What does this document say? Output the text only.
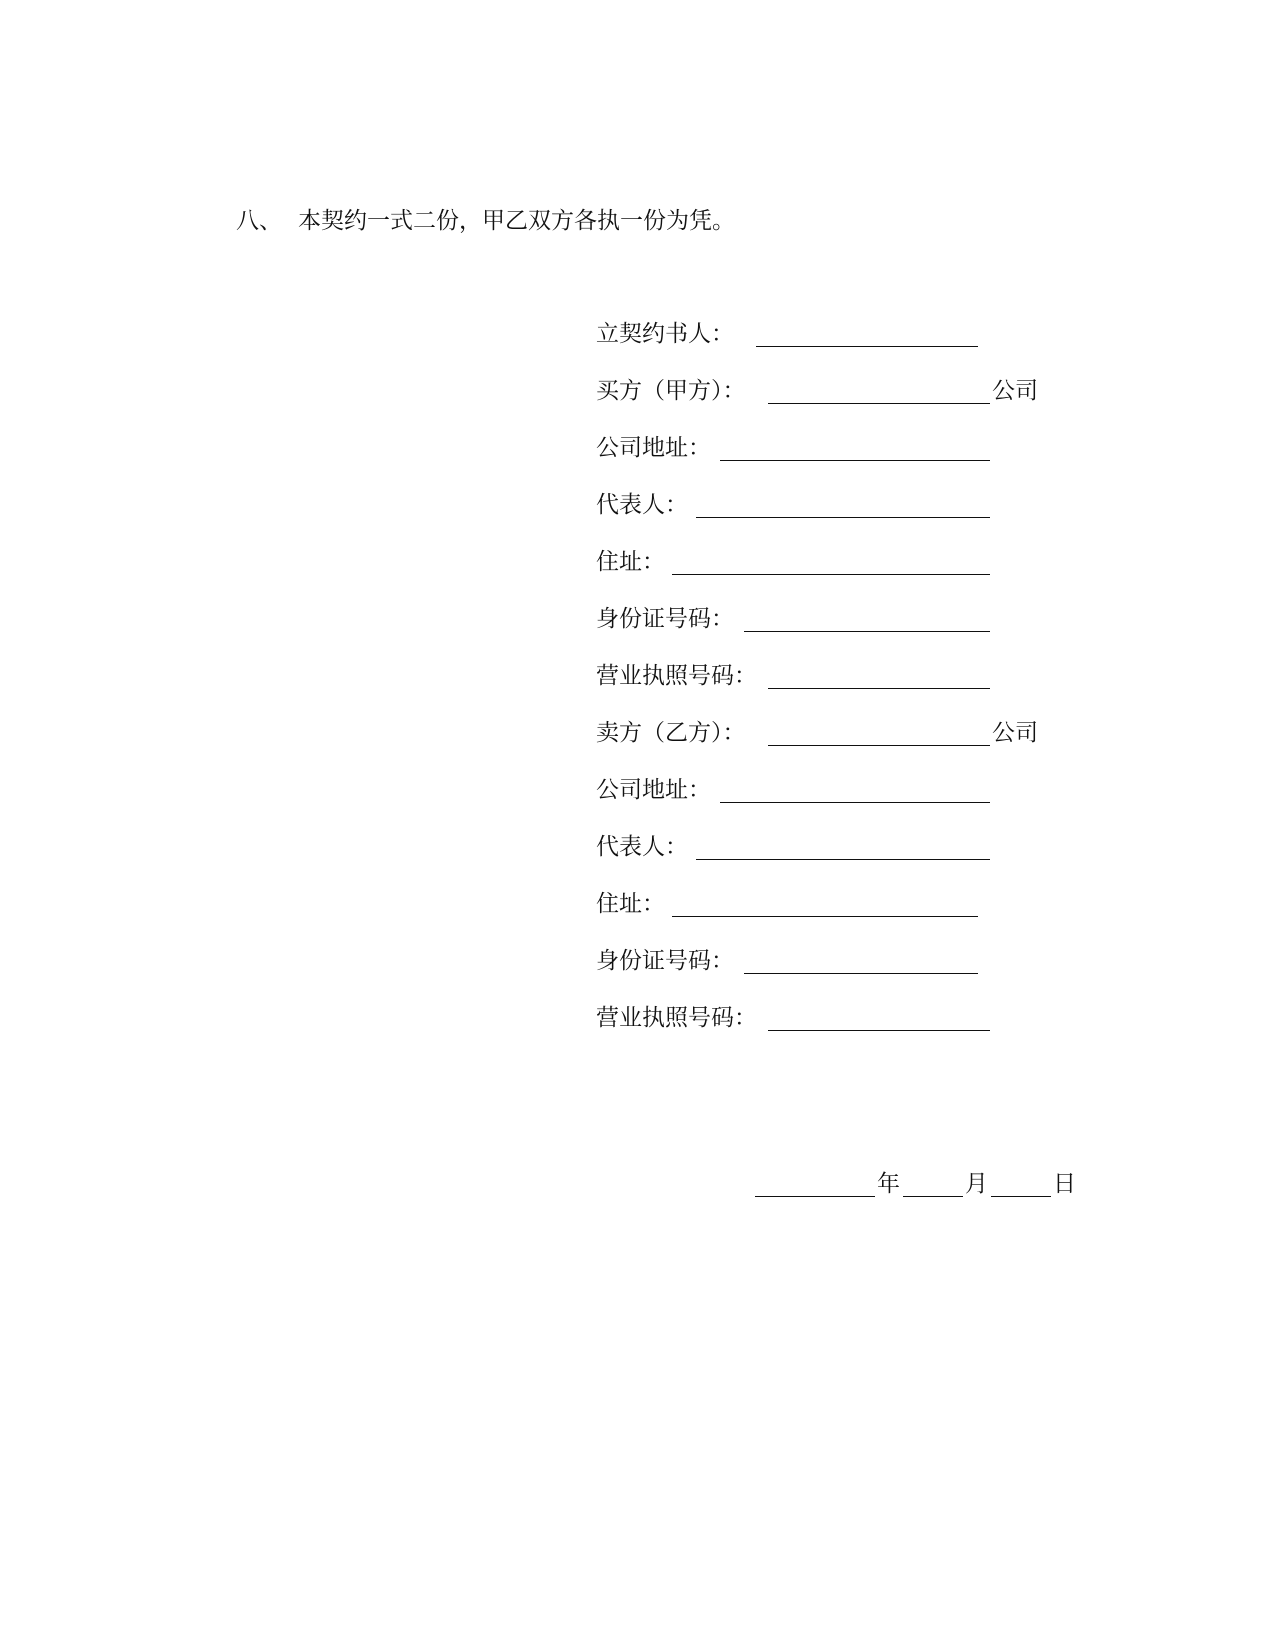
八、 本契约一式二份，甲乙双方各执一份为凭。
立契约书人：
买方（甲方）：	公司
公司地址：
代表人：
住址：
身份证号码：
营业执照号码：
卖方（乙方）：	公司
公司地址：
代表人：
住址：
身份证号码：
营业执照号码：
年	月	日
